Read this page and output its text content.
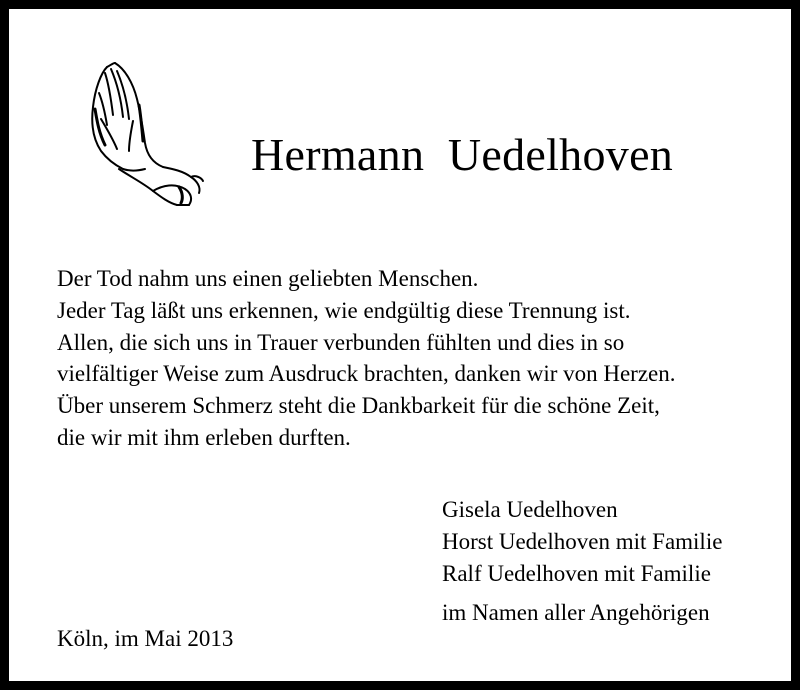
Hermann  Uedelhoven
Der Tod nahm uns einen geliebten Menschen.
Jeder Tag läßt uns erkennen, wie endgültig diese Trennung ist.
Allen, die sich uns in Trauer verbunden fühlten und dies in so
vielfältiger Weise zum Ausdruck brachten, danken wir von Herzen.
Über unserem Schmerz steht die Dankbarkeit für die schöne Zeit,
die wir mit ihm erleben durften.
Gisela Uedelhoven
Horst Uedelhoven mit Familie
Ralf Uedelhoven mit Familie
im Namen aller Angehörigen
Köln, im Mai 2013
